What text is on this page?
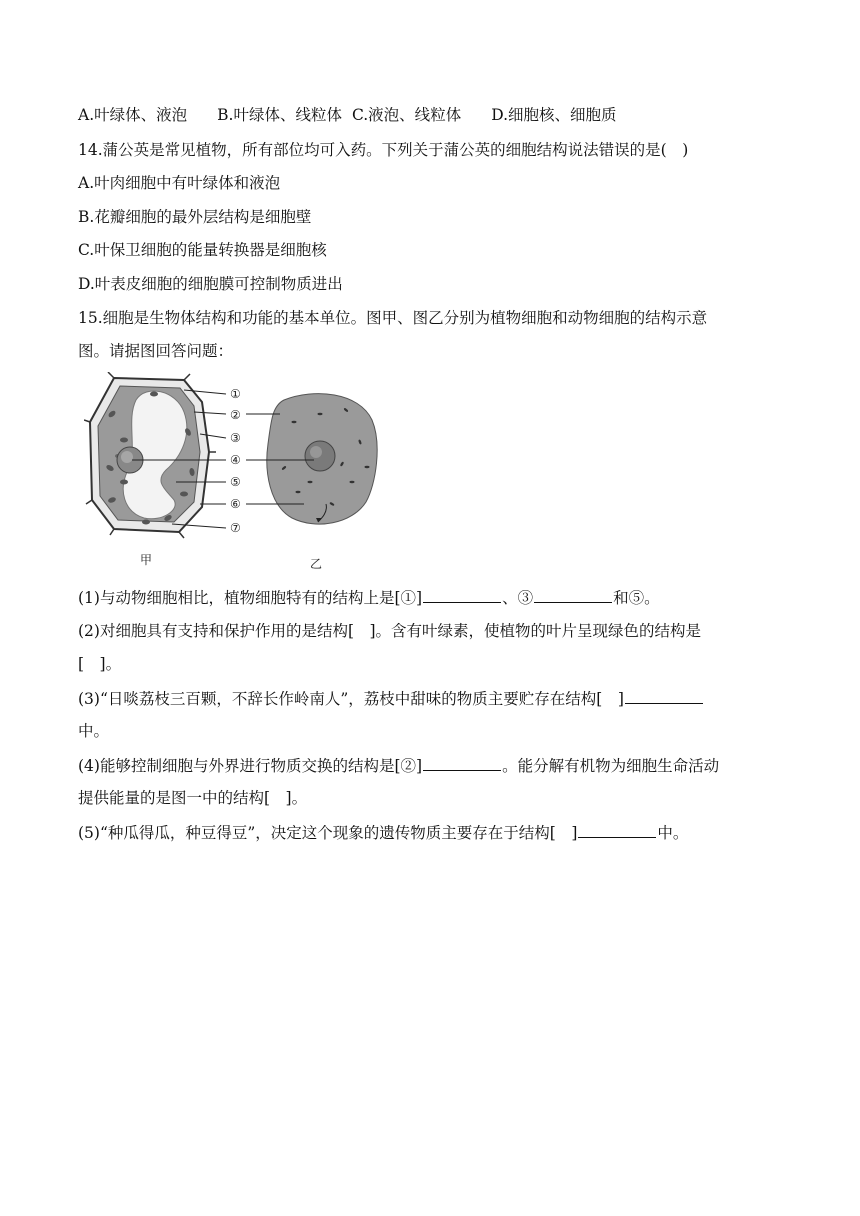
A.叶绿体、液泡 B.叶绿体、线粒体 C.液泡、线粒体 D.细胞核、细胞质
14.蒲公英是常见植物，所有部位均可入药。下列关于蒲公英的细胞结构说法错误的是(　)
A.叶肉细胞中有叶绿体和液泡
B.花瓣细胞的最外层结构是细胞壁
C.叶保卫细胞的能量转换器是细胞核
D.叶表皮细胞的细胞膜可控制物质进出
15.细胞是生物体结构和功能的基本单位。图甲、图乙分别为植物细胞和动物细胞的结构示意
图。请据图回答问题：
①
②
③
④
⑤
⑥
⑦
甲	乙
(1)与动物细胞相比，植物细胞特有的结构上是[①]	、③	和⑤。
(2)对细胞具有支持和保护作用的是结构[　]。含有叶绿素，使植物的叶片呈现绿色的结构是
[　]。
(3)“日啖荔枝三百颗，不辞长作岭南人”，荔枝中甜味的物质主要贮存在结构[　]
中。
(4)能够控制细胞与外界进行物质交换的结构是[②]	。能分解有机物为细胞生命活动
提供能量的是图一中的结构[　]。
(5)“种瓜得瓜，种豆得豆”，决定这个现象的遗传物质主要存在于结构[　]	中。
